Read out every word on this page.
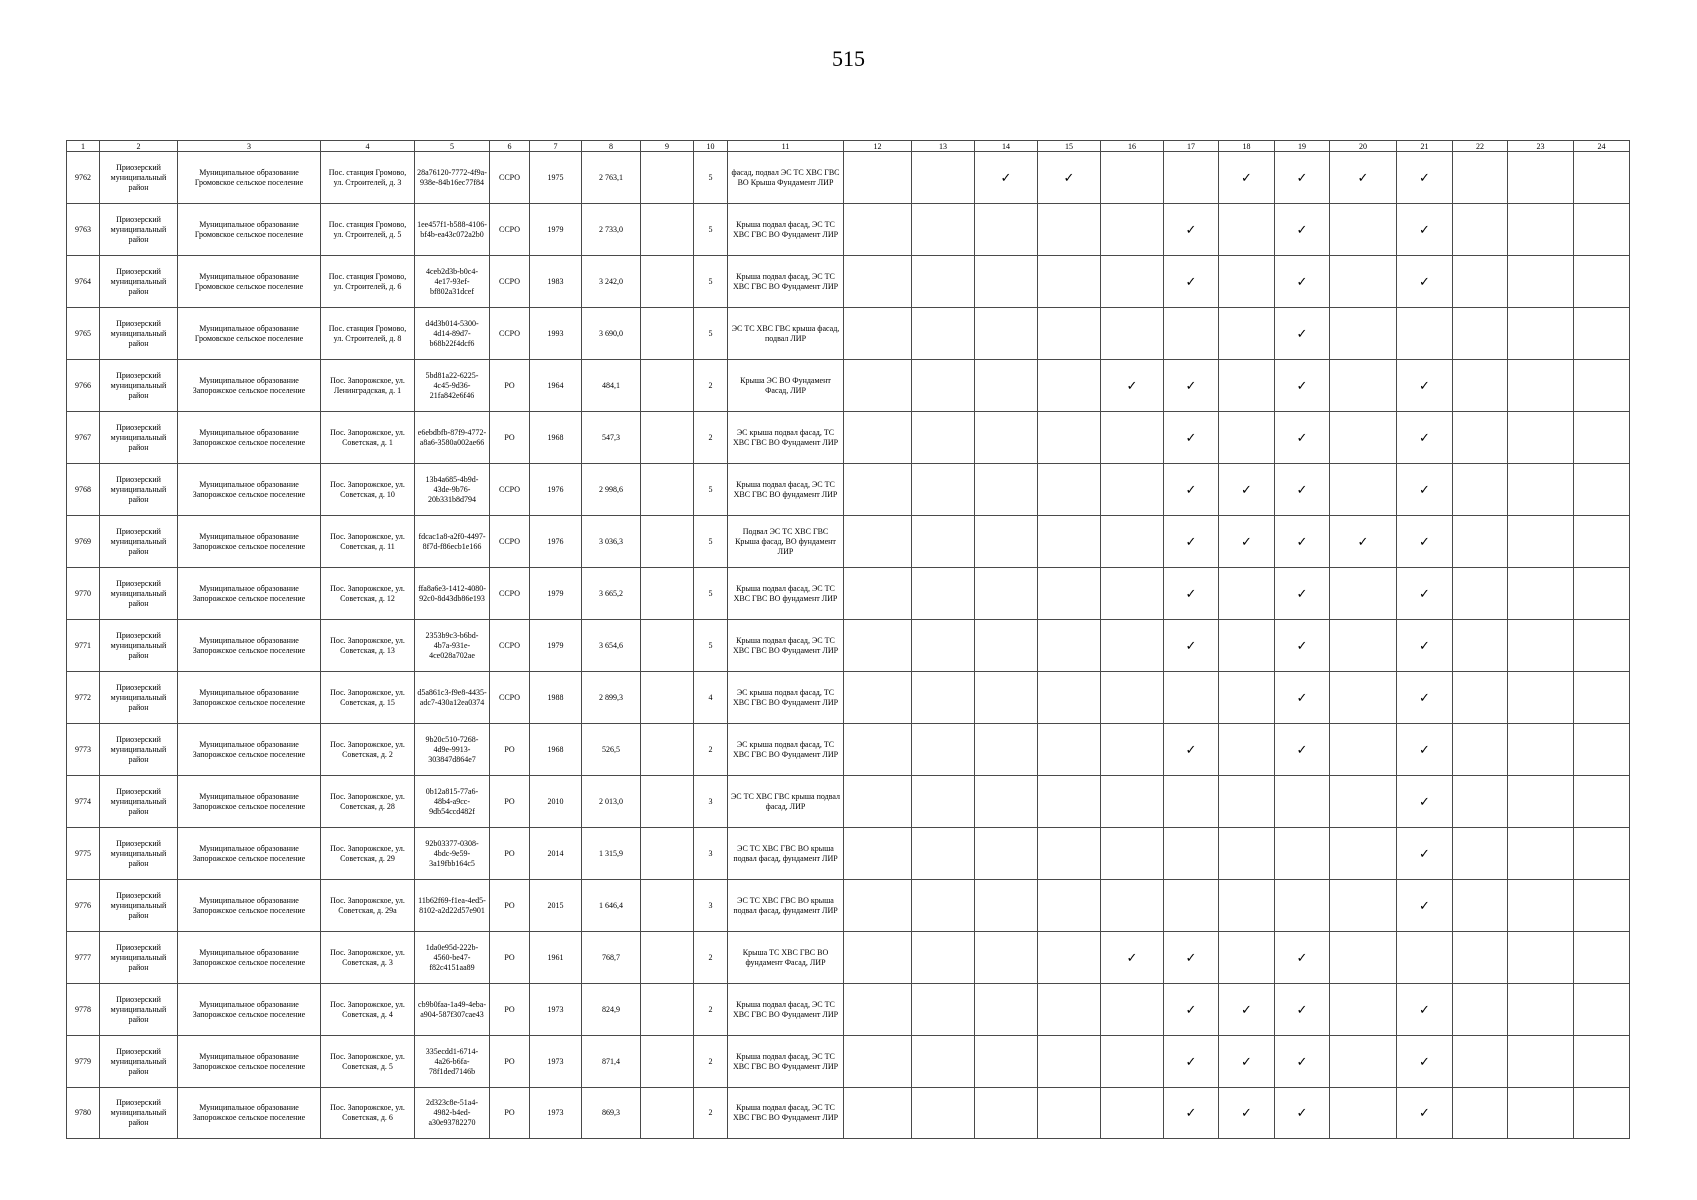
515
1	2	3	4	5	6	7	8	9	10	11	12	13	14	15	16	17	18	19	20	21	22	23	24
9762	Приозерский муниципальный район	Муниципальное образование Громовское сельское поселение	Пос. станция Громово, ул. Строителей, д. 3	28a76120-7772-4f9a-938e-84b16ec77f84	ССРО	1975	2 763,1		5	фасад, подвал ЭС ТС ХВС ГВС ВО Крыша Фундамент ЛИР			✓	✓			✓	✓	✓	✓			
9763	Приозерский муниципальный район	Муниципальное образование Громовское сельское поселение	Пос. станция Громово, ул. Строителей, д. 5	1ee457f1-b588-4106-bf4b-ea43c072a2b0	ССРО	1979	2 733,0		5	Крыша подвал фасад, ЭС ТС ХВС ГВС ВО Фундамент ЛИР						✓		✓		✓			
9764	Приозерский муниципальный район	Муниципальное образование Громовское сельское поселение	Пос. станция Громово, ул. Строителей, д. 6	4ceb2d3b-b0c4-4e17-93ef-bf802a31dcef	ССРО	1983	3 242,0		5	Крыша подвал фасад, ЭС ТС ХВС ГВС ВО Фундамент ЛИР						✓		✓		✓			
9765	Приозерский муниципальный район	Муниципальное образование Громовское сельское поселение	Пос. станция Громово, ул. Строителей, д. 8	d4d3b014-5300-4d14-89d7-b68b22f4dcf6	ССРО	1993	3 690,0		5	ЭС ТС ХВС ГВС крыша фасад, подвал ЛИР								✓					
9766	Приозерский муниципальный район	Муниципальное образование Запорожское сельское поселение	Пос. Запорожское, ул. Ленинградская, д. 1	5bd81a22-6225-4c45-9d36-21fa842e6f46	РО	1964	484,1		2	Крыша ЭС ВО Фундамент Фасад, ЛИР					✓	✓		✓		✓			
9767	Приозерский муниципальный район	Муниципальное образование Запорожское сельское поселение	Пос. Запорожское, ул. Советская, д. 1	e6ebdbfb-87f9-4772-a8a6-3580a002ae66	РО	1968	547,3		2	ЭС крыша подвал фасад, ТС ХВС ГВС ВО Фундамент ЛИР						✓		✓		✓			
9768	Приозерский муниципальный район	Муниципальное образование Запорожское сельское поселение	Пос. Запорожское, ул. Советская, д. 10	13b4a685-4b9d-43de-9b76-20b331b8d794	ССРО	1976	2 998,6		5	Крыша подвал фасад, ЭС ТС ХВС ГВС ВО фундамент ЛИР						✓	✓	✓		✓			
9769	Приозерский муниципальный район	Муниципальное образование Запорожское сельское поселение	Пос. Запорожское, ул. Советская, д. 11	fdcac1a8-a2f0-4497-8f7d-f86ecb1e166	ССРО	1976	3 036,3		5	Подвал ЭС ТС ХВС ГВС Крыша фасад, ВО фундамент ЛИР						✓	✓	✓	✓	✓			
9770	Приозерский муниципальный район	Муниципальное образование Запорожское сельское поселение	Пос. Запорожское, ул. Советская, д. 12	ffa8a6e3-1412-4080-92c0-8d43db86e193	ССРО	1979	3 665,2		5	Крыша подвал фасад, ЭС ТС ХВС ГВС ВО фундамент ЛИР						✓		✓		✓			
9771	Приозерский муниципальный район	Муниципальное образование Запорожское сельское поселение	Пос. Запорожское, ул. Советская, д. 13	2353b9c3-b6bd-4b7a-931e-4ce028a702ae	ССРО	1979	3 654,6		5	Крыша подвал фасад, ЭС ТС ХВС ГВС ВО Фундамент ЛИР						✓		✓		✓			
9772	Приозерский муниципальный район	Муниципальное образование Запорожское сельское поселение	Пос. Запорожское, ул. Советская, д. 15	d5a861c3-f9e8-4435-adc7-430a12ea0374	ССРО	1988	2 899,3		4	ЭС крыша подвал фасад, ТС ХВС ГВС ВО Фундамент ЛИР								✓		✓			
9773	Приозерский муниципальный район	Муниципальное образование Запорожское сельское поселение	Пос. Запорожское, ул. Советская, д. 2	9b20c510-7268-4d9e-9913-303847d864e7	РО	1968	526,5		2	ЭС крыша подвал фасад, ТС ХВС ГВС ВО Фундамент ЛИР						✓		✓		✓			
9774	Приозерский муниципальный район	Муниципальное образование Запорожское сельское поселение	Пос. Запорожское, ул. Советская, д. 28	0b12a815-77a6-48b4-a9cc-9db54ccd482f	РО	2010	2 013,0		3	ЭС ТС ХВС ГВС крыша подвал фасад, ЛИР										✓			
9775	Приозерский муниципальный район	Муниципальное образование Запорожское сельское поселение	Пос. Запорожское, ул. Советская, д. 29	92b03377-0308-4bdc-9e59-3a19fbb164c5	РО	2014	1 315,9		3	ЭС ТС ХВС ГВС ВО крыша подвал фасад, фундамент ЛИР										✓			
9776	Приозерский муниципальный район	Муниципальное образование Запорожское сельское поселение	Пос. Запорожское, ул. Советская, д. 29а	11b62f69-f1ea-4ed5-8102-a2d22d57e901	РО	2015	1 646,4		3	ЭС ТС ХВС ГВС ВО крыша подвал фасад, фундамент ЛИР										✓			
9777	Приозерский муниципальный район	Муниципальное образование Запорожское сельское поселение	Пос. Запорожское, ул. Советская, д. 3	1da0e95d-222b-4560-be47-f82c4151aa89	РО	1961	768,7		2	Крыша ТС ХВС ГВС ВО фундамент Фасад, ЛИР					✓	✓		✓					
9778	Приозерский муниципальный район	Муниципальное образование Запорожское сельское поселение	Пос. Запорожское, ул. Советская, д. 4	cb9b0faa-1a49-4eba-a904-587f307cae43	РО	1973	824,9		2	Крыша подвал фасад, ЭС ТС ХВС ГВС ВО Фундамент ЛИР						✓	✓	✓		✓			
9779	Приозерский муниципальный район	Муниципальное образование Запорожское сельское поселение	Пос. Запорожское, ул. Советская, д. 5	335ecdd1-6714-4a26-b6fa-78f1ded7146b	РО	1973	871,4		2	Крыша подвал фасад, ЭС ТС ХВС ГВС ВО Фундамент ЛИР						✓	✓	✓		✓			
9780	Приозерский муниципальный район	Муниципальное образование Запорожское сельское поселение	Пос. Запорожское, ул. Советская, д. 6	2d323c8e-51a4-4982-b4ed-a30e93782270	РО	1973	869,3		2	Крыша подвал фасад, ЭС ТС ХВС ГВС ВО Фундамент ЛИР						✓	✓	✓		✓			
